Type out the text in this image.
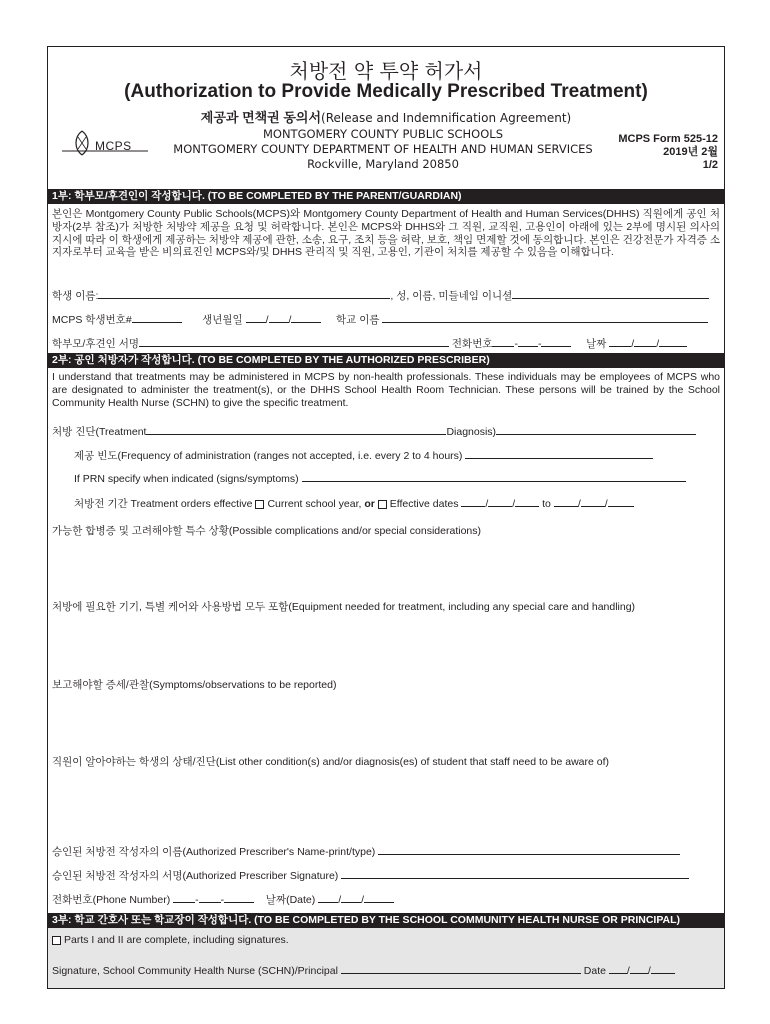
처방전 약 투약 허가서
(Authorization to Provide Medically Prescribed Treatment)
제공과 면책권 동의서(Release and Indemnification Agreement)
MCPS
MONTGOMERY COUNTY PUBLIC SCHOOLS
MONTGOMERY COUNTY DEPARTMENT OF HEALTH AND HUMAN SERVICES
Rockville, Maryland 20850
MCPS Form 525-12
2019년 2월
1/2
1부: 학부모/후견인이 작성합니다. (TO BE COMPLETED BY THE PARENT/GUARDIAN)
본인은 Montgomery County Public Schools(MCPS)와 Montgomery County Department of Health and Human Services(DHHS) 직원에게 공인 처방자(2부 참조)가 처방한 처방약 제공을 요청 및 허락합니다. 본인은 MCPS와 DHHS와 그 직원, 교직원, 고용인이 아래에 있는 2부에 명시된 의사의 지시에 따라 이 학생에게 제공하는 처방약 제공에 관한, 소송, 요구, 조치 등을 허락, 보호, 책임 면제할 것에 동의합니다. 본인은 건강전문가 자격증 소지자로부터 교육을 받은 비의료진인 MCPS와/및 DHHS 관리직 및 직원, 고용인, 기관이 처치를 제공할 수 있음을 이해합니다.
학생 이름:	, 성, 이름, 미들네임 이니셜
MCPS 학생번호#	생년월일 / /	학교 이름
학부모/후견인 서명	전화번호 - -	날짜 / /
2부: 공인 처방자가 작성합니다. (TO BE COMPLETED BY THE AUTHORIZED PRESCRIBER)
I understand that treatments may be administered in MCPS by non-health professionals. These individuals may be employees of MCPS who are designated to administer the treatment(s), or the DHHS School Health Room Technician. These persons will be trained by the School Community Health Nurse (SCHN) to give the specific treatment.
처방 진단(Treatment	Diagnosis)
제공 빈도(Frequency of administration (ranges not accepted, i.e. every 2 to 4 hours)
If PRN specify when indicated (signs/symptoms)
처방전 기간 Treatment orders effective Current school year, or Effective dates	/ /	to	/ /
가능한 합병증 및 고려해야할 특수 상황(Possible complications and/or special considerations)
처방에 필요한 기기, 특별 케어와 사용방법 모두 포함(Equipment needed for treatment, including any special care and handling)
보고해야할 증세/관찰(Symptoms/observations to be reported)
직원이 알아야하는 학생의 상태/진단(List other condition(s) and/or diagnosis(es) of student that staff need to be aware of)
승인된 처방전 작성자의 이름(Authorized Prescriber's Name-print/type)
승인된 처방전 작성자의 서명(Authorized Prescriber Signature)
전화번호(Phone Number) - -	날짜(Date) / /
3부: 학교 간호사 또는 학교장이 작성합니다. (TO BE COMPLETED BY THE SCHOOL COMMUNITY HEALTH NURSE OR PRINCIPAL)
Parts I and II are complete, including signatures.
Signature, School Community Health Nurse (SCHN)/Principal	Date / /
